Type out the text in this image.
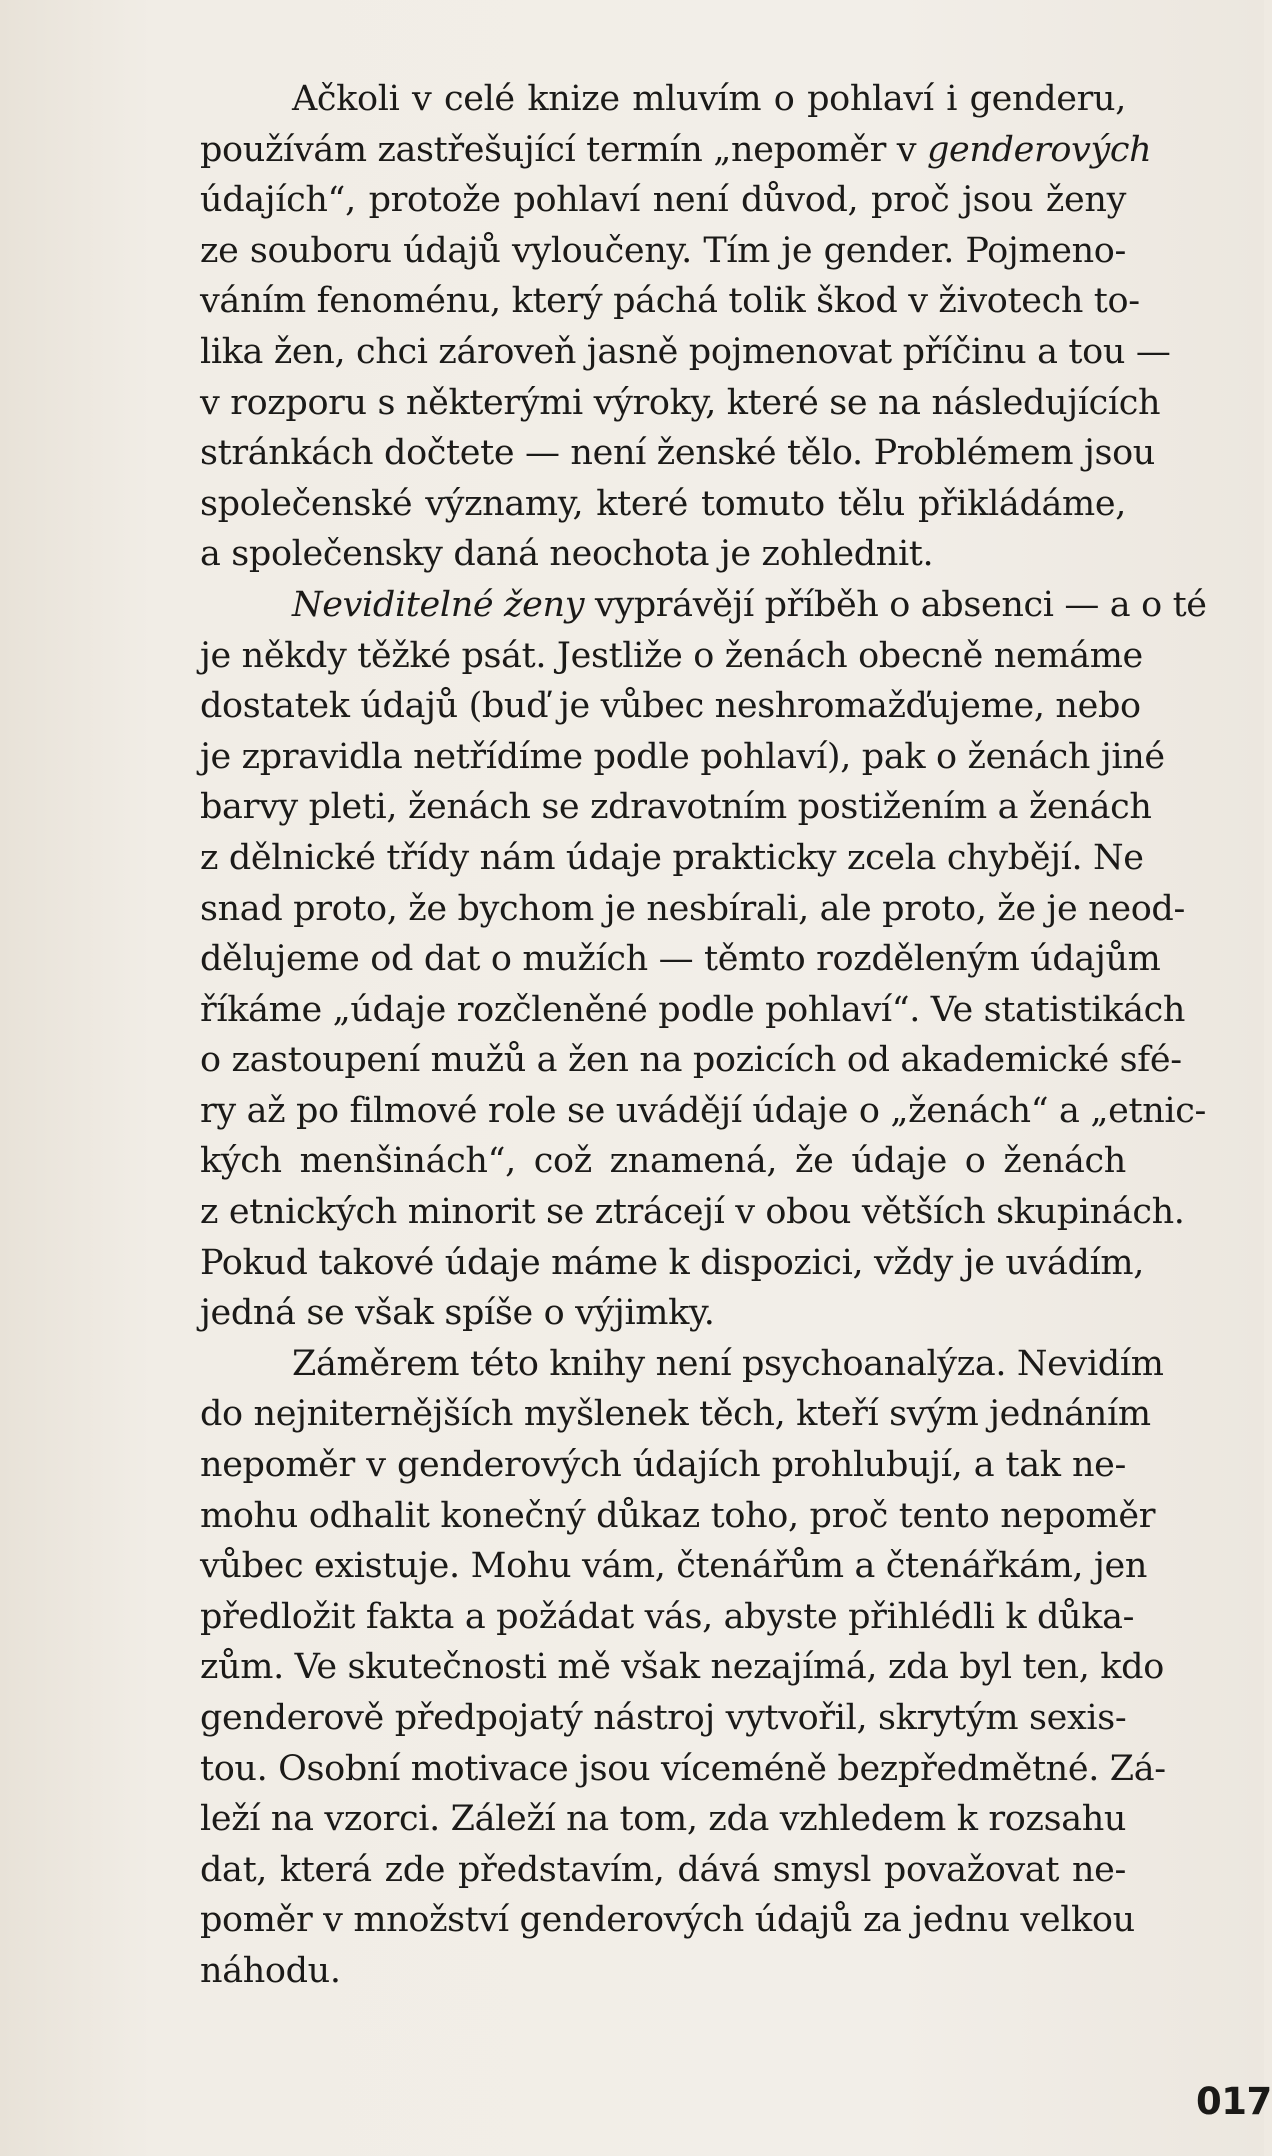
Ačkoli v celé knize mluvím o pohlaví i genderu,
používám zastřešující termín „nepoměr v genderových
údajích“, protože pohlaví není důvod, proč jsou ženy
ze souboru údajů vyloučeny. Tím je gender. Pojmeno-
váním fenoménu, který páchá tolik škod v životech to-
lika žen, chci zároveň jasně pojmenovat příčinu a tou —
v rozporu s některými výroky, které se na následujících
stránkách dočtete — není ženské tělo. Problémem jsou
společenské významy, které tomuto tělu přikládáme,
a společensky daná neochota je zohlednit.
Neviditelné ženy vyprávějí příběh o absenci — a o té
je někdy těžké psát. Jestliže o ženách obecně nemáme
dostatek údajů (buď je vůbec neshromažďujeme, nebo
je zpravidla netřídíme podle pohlaví), pak o ženách jiné
barvy pleti, ženách se zdravotním postižením a ženách
z dělnické třídy nám údaje prakticky zcela chybějí. Ne
snad proto, že bychom je nesbírali, ale proto, že je neod-
dělujeme od dat o mužích — těmto rozděleným údajům
říkáme „údaje rozčleněné podle pohlaví“. Ve statistikách
o zastoupení mužů a žen na pozicích od akademické sfé-
ry až po filmové role se uvádějí údaje o „ženách“ a „etnic-
kých menšinách“, což znamená, že údaje o ženách
z etnických minorit se ztrácejí v obou větších skupinách.
Pokud takové údaje máme k dispozici, vždy je uvádím,
jedná se však spíše o výjimky.
Záměrem této knihy není psychoanalýza. Nevidím
do nejniternějších myšlenek těch, kteří svým jednáním
nepoměr v genderových údajích prohlubují, a tak ne-
mohu odhalit konečný důkaz toho, proč tento nepoměr
vůbec existuje. Mohu vám, čtenářům a čtenářkám, jen
předložit fakta a požádat vás, abyste přihlédli k důka-
zům. Ve skutečnosti mě však nezajímá, zda byl ten, kdo
genderově předpojatý nástroj vytvořil, skrytým sexis-
tou. Osobní motivace jsou víceméně bezpředmětné. Zá-
leží na vzorci. Záleží na tom, zda vzhledem k rozsahu
dat, která zde představím, dává smysl považovat ne-
poměr v množství genderových údajů za jednu velkou
náhodu.
017
